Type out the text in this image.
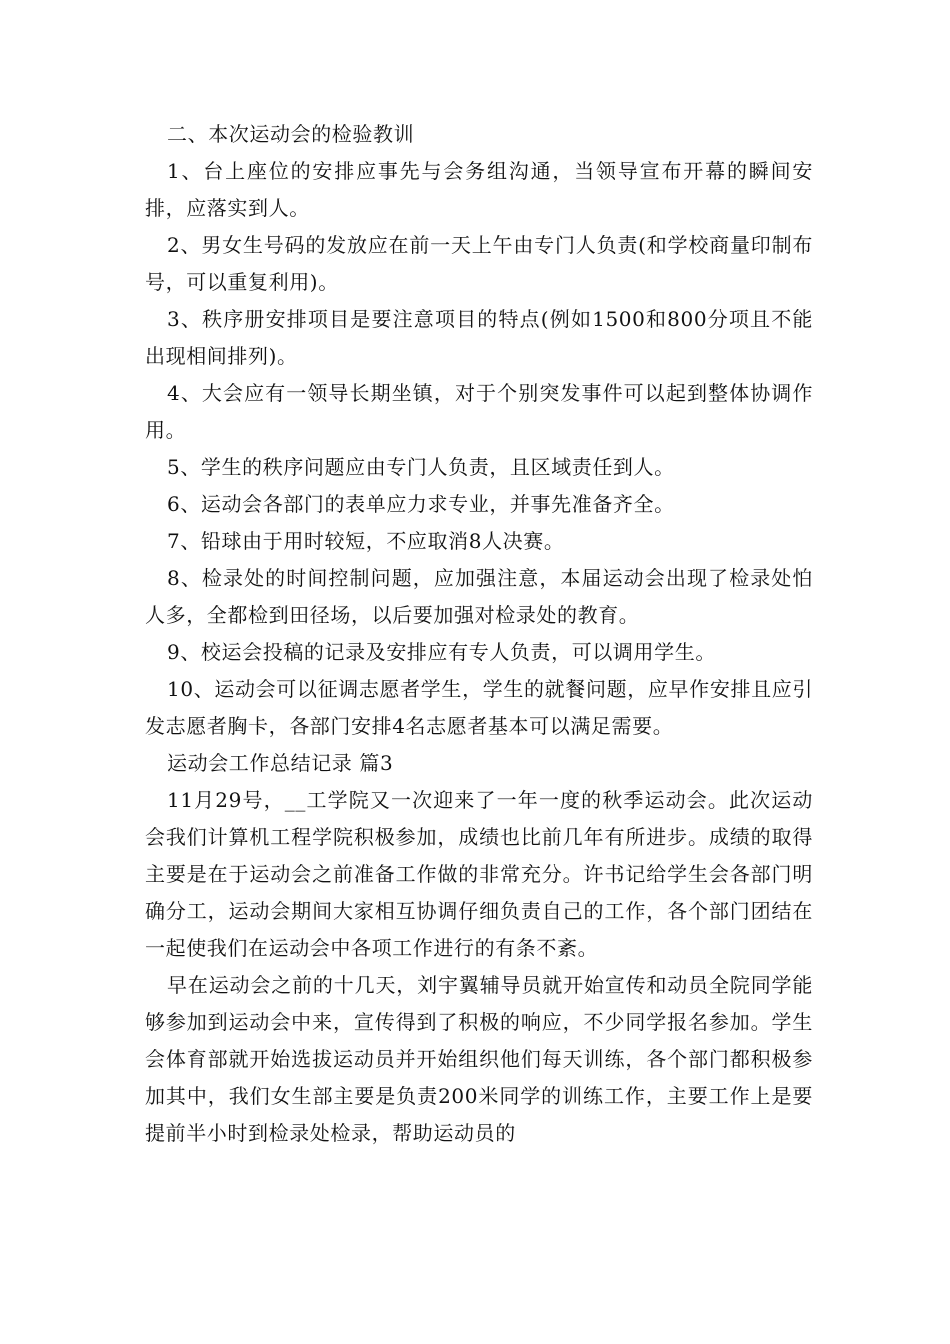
二、本次运动会的检验教训

1、台上座位的安排应事先与会务组沟通，当领导宣布开幕的瞬间安排，应落实到人。

2、男女生号码的发放应在前一天上午由专门人负责(和学校商量印制布号，可以重复利用)。

3、秩序册安排项目是要注意项目的特点(例如1500和800分项且不能出现相间排列)。

4、大会应有一领导长期坐镇，对于个别突发事件可以起到整体协调作用。

5、学生的秩序问题应由专门人负责，且区域责任到人。

6、运动会各部门的表单应力求专业，并事先准备齐全。

7、铅球由于用时较短，不应取消8人决赛。

8、检录处的时间控制问题，应加强注意，本届运动会出现了检录处怕人多，全都检到田径场，以后要加强对检录处的教育。

9、校运会投稿的记录及安排应有专人负责，可以调用学生。

10、运动会可以征调志愿者学生，学生的就餐问题，应早作安排且应引发志愿者胸卡，各部门安排4名志愿者基本可以满足需要。

运动会工作总结记录 篇3

11月29号，__工学院又一次迎来了一年一度的秋季运动会。此次运动会我们计算机工程学院积极参加，成绩也比前几年有所进步。成绩的取得主要是在于运动会之前准备工作做的非常充分。许书记给学生会各部门明确分工，运动会期间大家相互协调仔细负责自己的工作，各个部门团结在一起使我们在运动会中各项工作进行的有条不紊。

早在运动会之前的十几天，刘宇翼辅导员就开始宣传和动员全院同学能够参加到运动会中来，宣传得到了积极的响应，不少同学报名参加。学生会体育部就开始选拔运动员并开始组织他们每天训练，各个部门都积极参加其中，我们女生部主要是负责200米同学的训练工作，主要工作上是要提前半小时到检录处检录，帮助运动员的
